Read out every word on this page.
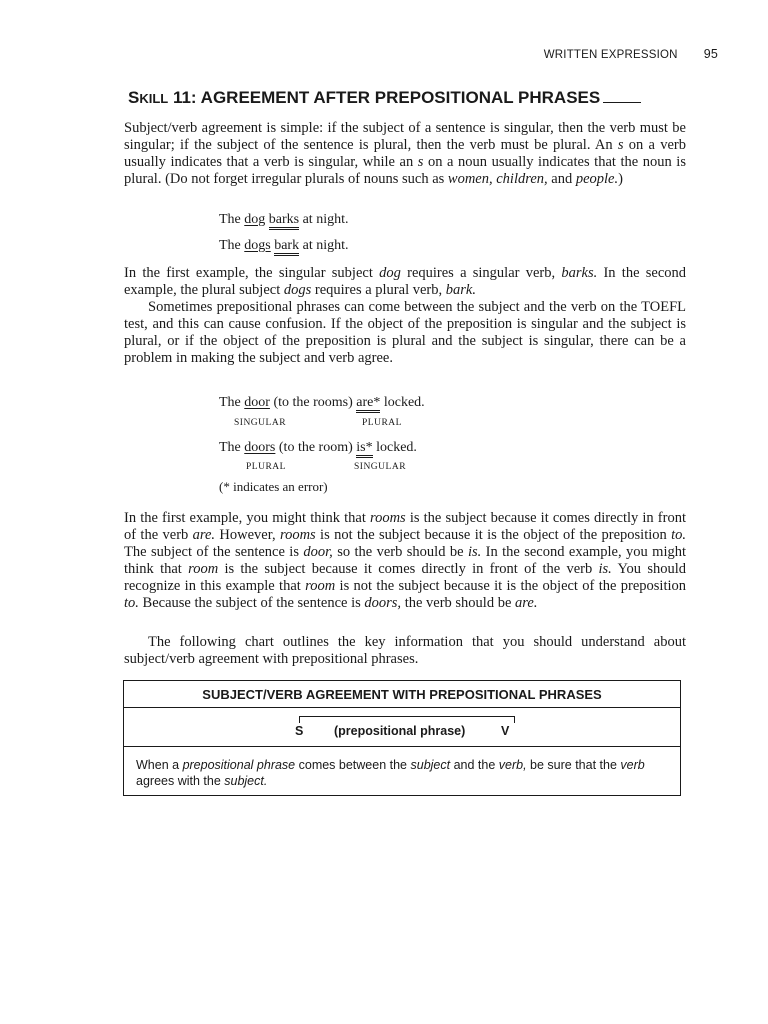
WRITTEN EXPRESSION 95
SKILL 11: AGREEMENT AFTER PREPOSITIONAL PHRASES

Subject/verb agreement is simple: if the subject of a sentence is singular, then the verb must be singular; if the subject of the sentence is plural, then the verb must be plural. An s on a verb usually indicates that a verb is singular, while an s on a noun usually indicates that the noun is plural. (Do not forget irregular plurals of nouns such as women, children, and people.)

The dog barks at night.
The dogs bark at night.

In the first example, the singular subject dog requires a singular verb, barks. In the second example, the plural subject dogs requires a plural verb, bark.

Sometimes prepositional phrases can come between the subject and the verb on the TOEFL test, and this can cause confusion. If the object of the preposition is singular and the subject is plural, or if the object of the preposition is plural and the subject is singular, there can be a problem in making the subject and verb agree.

The door (to the rooms) are* locked.
SINGULAR	PLURAL
The doors (to the room) is* locked.
PLURAL	SINGULAR
(* indicates an error)

In the first example, you might think that rooms is the subject because it comes directly in front of the verb are. However, rooms is not the subject because it is the object of the preposition to. The subject of the sentence is door, so the verb should be is. In the second example, you might think that room is the subject because it comes directly in front of the verb is. You should recognize in this example that room is not the subject because it is the object of the preposition to. Because the subject of the sentence is doors, the verb should be are.

The following chart outlines the key information that you should understand about subject/verb agreement with prepositional phrases.

SUBJECT/VERB AGREEMENT WITH PREPOSITIONAL PHRASES
S (prepositional phrase)	V
When a prepositional phrase comes between the subject and the verb, be sure that the verb agrees with the subject.
